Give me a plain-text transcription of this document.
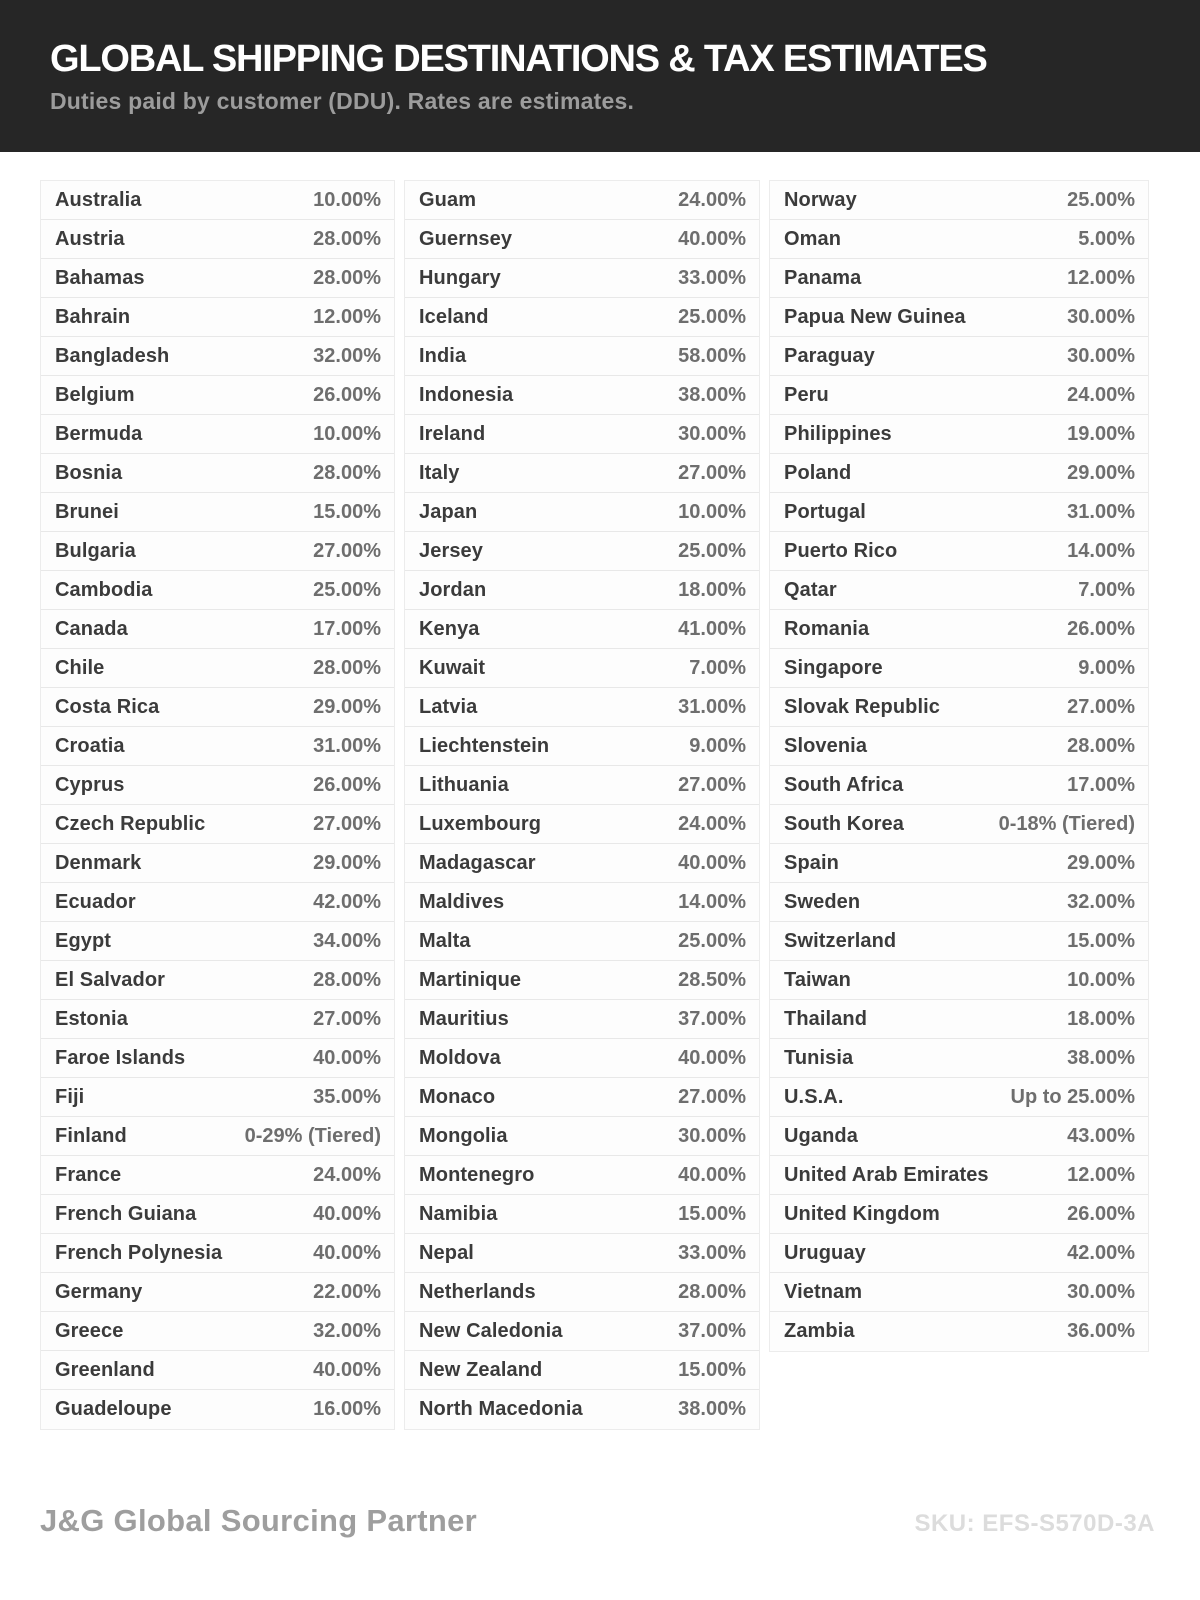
GLOBAL SHIPPING DESTINATIONS & TAX ESTIMATES
Duties paid by customer (DDU). Rates are estimates.
Australia	10.00%
Austria	28.00%
Bahamas	28.00%
Bahrain	12.00%
Bangladesh	32.00%
Belgium	26.00%
Bermuda	10.00%
Bosnia	28.00%
Brunei	15.00%
Bulgaria	27.00%
Cambodia	25.00%
Canada	17.00%
Chile	28.00%
Costa Rica	29.00%
Croatia	31.00%
Cyprus	26.00%
Czech Republic	27.00%
Denmark	29.00%
Ecuador	42.00%
Egypt	34.00%
El Salvador	28.00%
Estonia	27.00%
Faroe Islands	40.00%
Fiji	35.00%
Finland	0-29% (Tiered)
France	24.00%
French Guiana	40.00%
French Polynesia	40.00%
Germany	22.00%
Greece	32.00%
Greenland	40.00%
Guadeloupe	16.00%
Guam	24.00%
Guernsey	40.00%
Hungary	33.00%
Iceland	25.00%
India	58.00%
Indonesia	38.00%
Ireland	30.00%
Italy	27.00%
Japan	10.00%
Jersey	25.00%
Jordan	18.00%
Kenya	41.00%
Kuwait	7.00%
Latvia	31.00%
Liechtenstein	9.00%
Lithuania	27.00%
Luxembourg	24.00%
Madagascar	40.00%
Maldives	14.00%
Malta	25.00%
Martinique	28.50%
Mauritius	37.00%
Moldova	40.00%
Monaco	27.00%
Mongolia	30.00%
Montenegro	40.00%
Namibia	15.00%
Nepal	33.00%
Netherlands	28.00%
New Caledonia	37.00%
New Zealand	15.00%
North Macedonia	38.00%
Norway	25.00%
Oman	5.00%
Panama	12.00%
Papua New Guinea	30.00%
Paraguay	30.00%
Peru	24.00%
Philippines	19.00%
Poland	29.00%
Portugal	31.00%
Puerto Rico	14.00%
Qatar	7.00%
Romania	26.00%
Singapore	9.00%
Slovak Republic	27.00%
Slovenia	28.00%
South Africa	17.00%
South Korea	0-18% (Tiered)
Spain	29.00%
Sweden	32.00%
Switzerland	15.00%
Taiwan	10.00%
Thailand	18.00%
Tunisia	38.00%
U.S.A.	Up to 25.00%
Uganda	43.00%
United Arab Emirates	12.00%
United Kingdom	26.00%
Uruguay	42.00%
Vietnam	30.00%
Zambia	36.00%
J&G Global Sourcing Partner	SKU: EFS-S570D-3A
